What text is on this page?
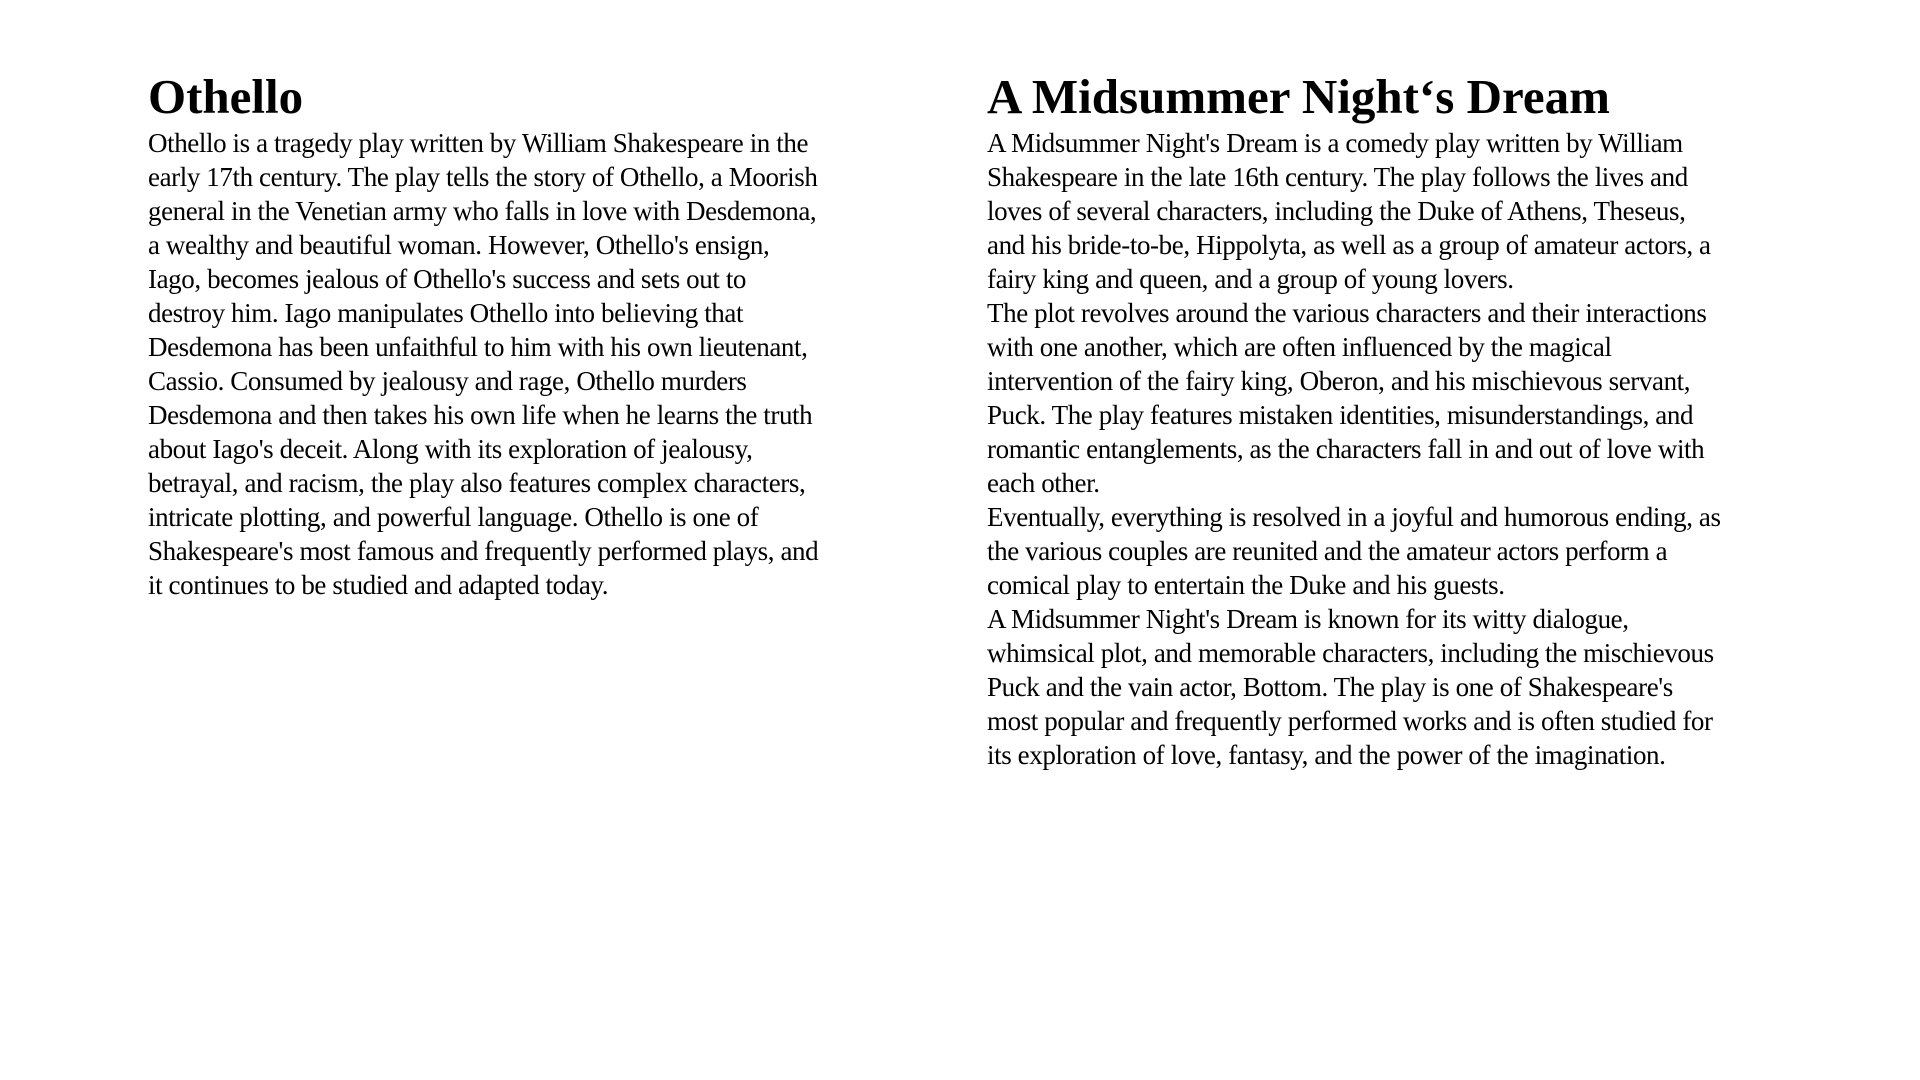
Othello

Othello is a tragedy play written by William Shakespeare in the
early 17th century. The play tells the story of Othello, a Moorish
general in the Venetian army who falls in love with Desdemona,
a wealthy and beautiful woman. However, Othello's ensign,
Iago, becomes jealous of Othello's success and sets out to
destroy him. Iago manipulates Othello into believing that
Desdemona has been unfaithful to him with his own lieutenant,
Cassio. Consumed by jealousy and rage, Othello murders
Desdemona and then takes his own life when he learns the truth
about Iago's deceit. Along with its exploration of jealousy,
betrayal, and racism, the play also features complex characters,
intricate plotting, and powerful language. Othello is one of
Shakespeare's most famous and frequently performed plays, and
it continues to be studied and adapted today.

A Midsummer Night‘s Dream

A Midsummer Night's Dream is a comedy play written by William
Shakespeare in the late 16th century. The play follows the lives and
loves of several characters, including the Duke of Athens, Theseus,
and his bride-to-be, Hippolyta, as well as a group of amateur actors, a
fairy king and queen, and a group of young lovers.

The plot revolves around the various characters and their interactions
with one another, which are often influenced by the magical
intervention of the fairy king, Oberon, and his mischievous servant,
Puck. The play features mistaken identities, misunderstandings, and
romantic entanglements, as the characters fall in and out of love with
each other.

Eventually, everything is resolved in a joyful and humorous ending, as
the various couples are reunited and the amateur actors perform a
comical play to entertain the Duke and his guests.

A Midsummer Night's Dream is known for its witty dialogue,
whimsical plot, and memorable characters, including the mischievous
Puck and the vain actor, Bottom. The play is one of Shakespeare's
most popular and frequently performed works and is often studied for
its exploration of love, fantasy, and the power of the imagination.
